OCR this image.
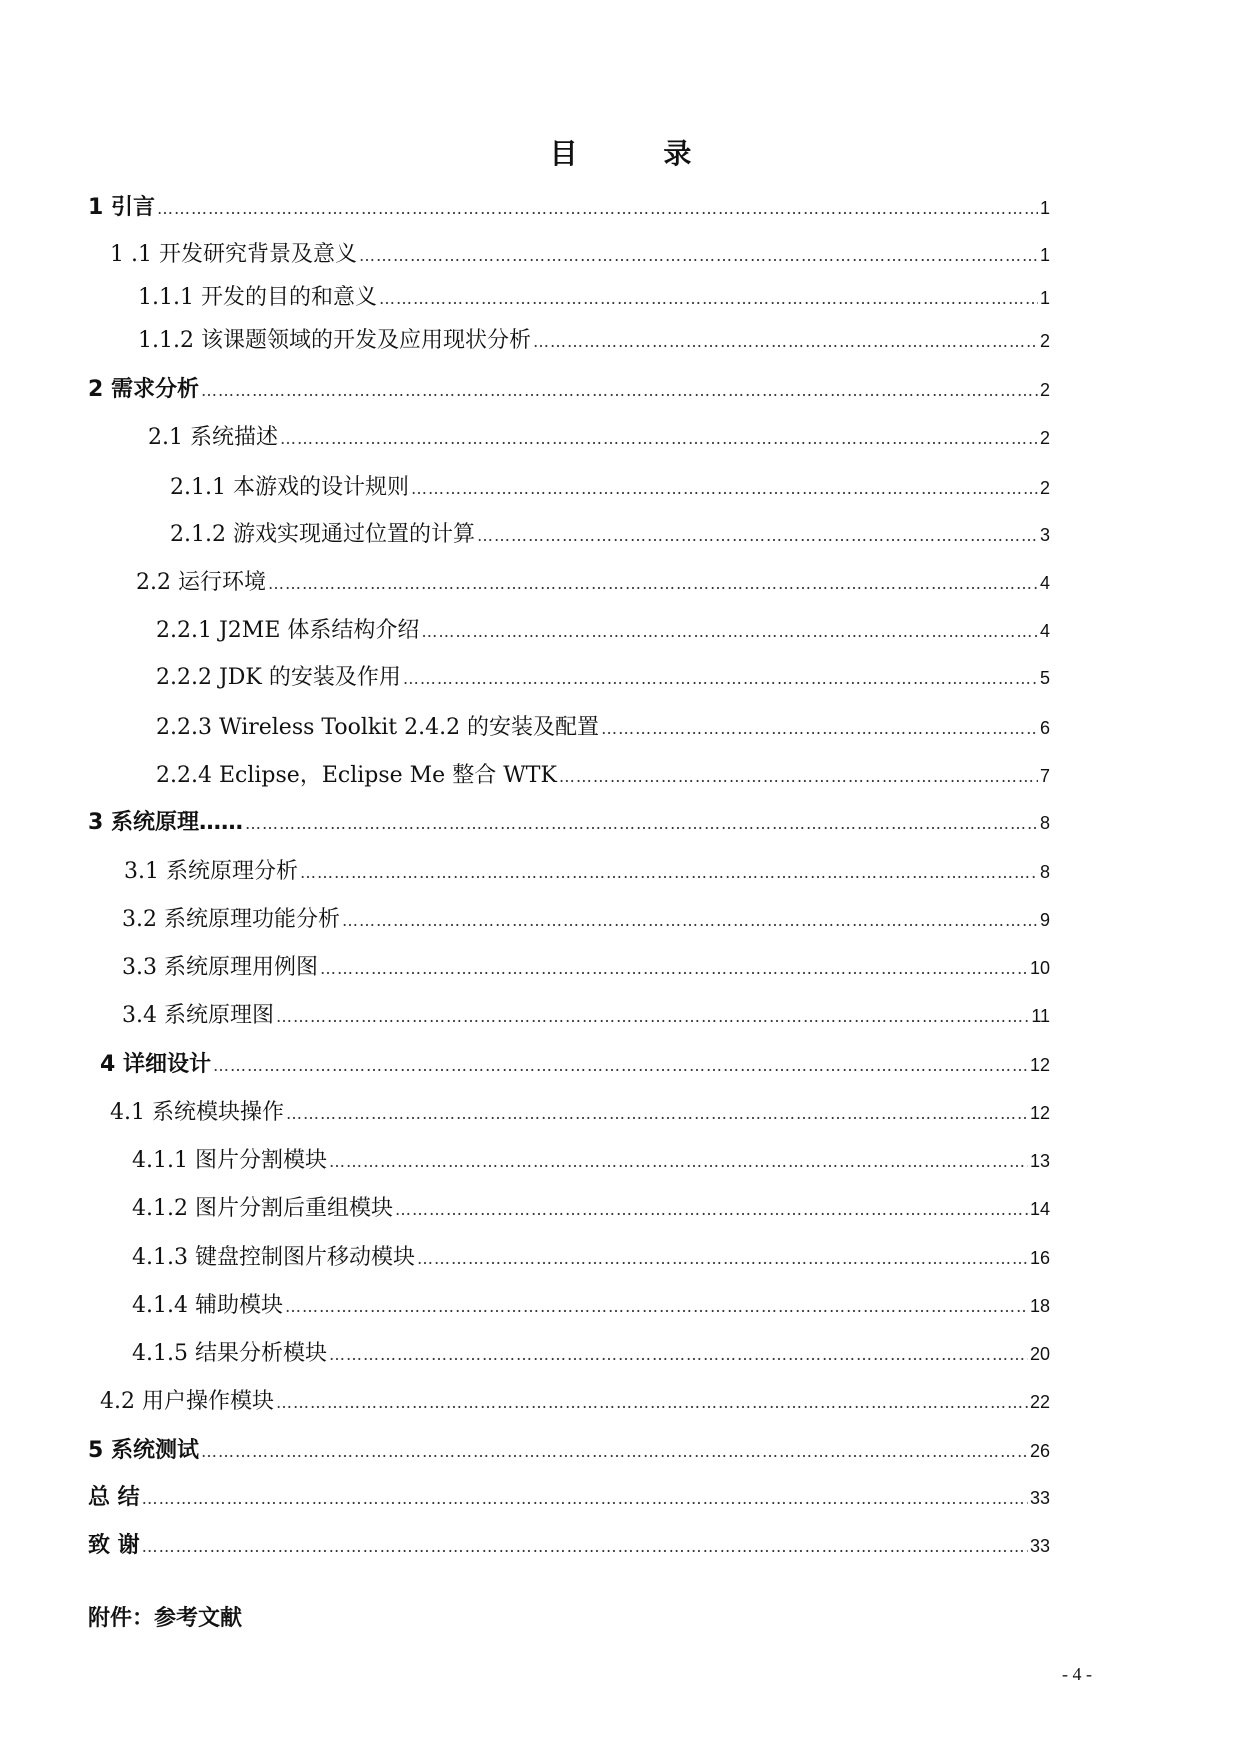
目 录
1 引言 ……………………………………………………………………………………………………………………………………………………………………………………………………………………	1
1 .1 开发研究背景及意义 ……………………………………………………………………………………………………………………………………………………………………………………………………………………	1
1.1.1 开发的目的和意义 ……………………………………………………………………………………………………………………………………………………………………………………………………………………	1
1.1.2 该课题领域的开发及应用现状分析 ……………………………………………………………………………………………………………………………………………………………………………………………………………………	2
2 需求分析 ……………………………………………………………………………………………………………………………………………………………………………………………………………………	2
2.1 系统描述 ……………………………………………………………………………………………………………………………………………………………………………………………………………………	2
2.1.1 本游戏的设计规则 ……………………………………………………………………………………………………………………………………………………………………………………………………………………	2
2.1.2 游戏实现通过位置的计算 ……………………………………………………………………………………………………………………………………………………………………………………………………………………	3
2.2 运行环境 ……………………………………………………………………………………………………………………………………………………………………………………………………………………	4
2.2.1 J2ME 体系结构介绍 ……………………………………………………………………………………………………………………………………………………………………………………………………………………	4
2.2.2 JDK 的安装及作用 ……………………………………………………………………………………………………………………………………………………………………………………………………………………	5
2.2.3 Wireless Toolkit 2.4.2 的安装及配置 ……………………………………………………………………………………………………………………………………………………………………………………………………………………	6
2.2.4 Eclipse，Eclipse Me 整合 WTK ……………………………………………………………………………………………………………………………………………………………………………………………………………………	7
3 系统原理…… ……………………………………………………………………………………………………………………………………………………………………………………………………………………	8
3.1 系统原理分析 ……………………………………………………………………………………………………………………………………………………………………………………………………………………	8
3.2 系统原理功能分析 ……………………………………………………………………………………………………………………………………………………………………………………………………………………	9
3.3 系统原理用例图 ……………………………………………………………………………………………………………………………………………………………………………………………………………………	10
3.4 系统原理图 ……………………………………………………………………………………………………………………………………………………………………………………………………………………	11
4 详细设计 ……………………………………………………………………………………………………………………………………………………………………………………………………………………	12
4.1 系统模块操作 ……………………………………………………………………………………………………………………………………………………………………………………………………………………	12
4.1.1 图片分割模块 ……………………………………………………………………………………………………………………………………………………………………………………………………………………	13
4.1.2 图片分割后重组模块 ……………………………………………………………………………………………………………………………………………………………………………………………………………………	14
4.1.3 键盘控制图片移动模块 ……………………………………………………………………………………………………………………………………………………………………………………………………………………	16
4.1.4 辅助模块 ……………………………………………………………………………………………………………………………………………………………………………………………………………………	18
4.1.5 结果分析模块 ……………………………………………………………………………………………………………………………………………………………………………………………………………………	20
4.2 用户操作模块 ……………………………………………………………………………………………………………………………………………………………………………………………………………………	22
5 系统测试 ……………………………………………………………………………………………………………………………………………………………………………………………………………………	26
总 结 ……………………………………………………………………………………………………………………………………………………………………………………………………………………	33
致 谢 ……………………………………………………………………………………………………………………………………………………………………………………………………………………	33
附件：参考文献
- 4 -
